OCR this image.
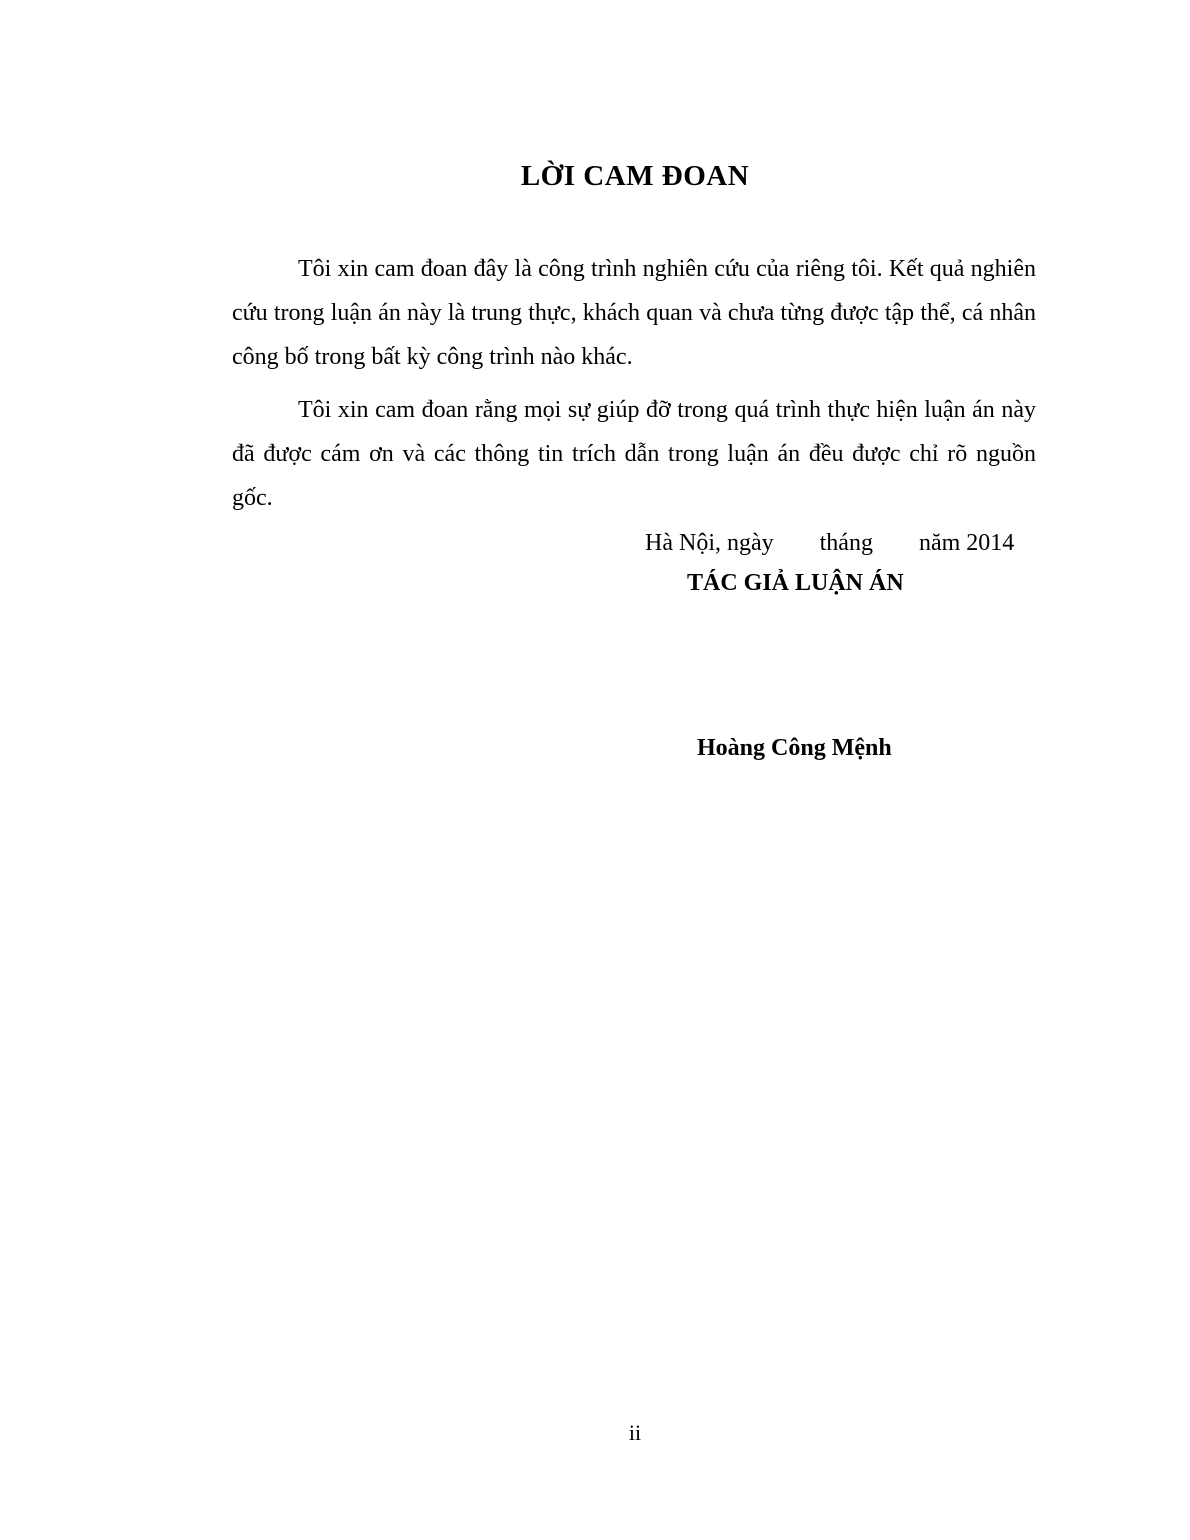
LỜI CAM ĐOAN

Tôi xin cam đoan đây là công trình nghiên cứu của riêng tôi. Kết quả nghiên cứu trong luận án này là trung thực, khách quan và chưa từng được tập thể, cá nhân công bố trong bất kỳ công trình nào khác.

Tôi xin cam đoan rằng mọi sự giúp đỡ trong quá trình thực hiện luận án này đã được cám ơn và các thông tin trích dẫn trong luận án đều được chỉ rõ nguồn gốc.

Hà Nội, ngày tháng năm 2014
TÁC GIẢ LUẬN ÁN
Hoàng Công Mệnh
ii
